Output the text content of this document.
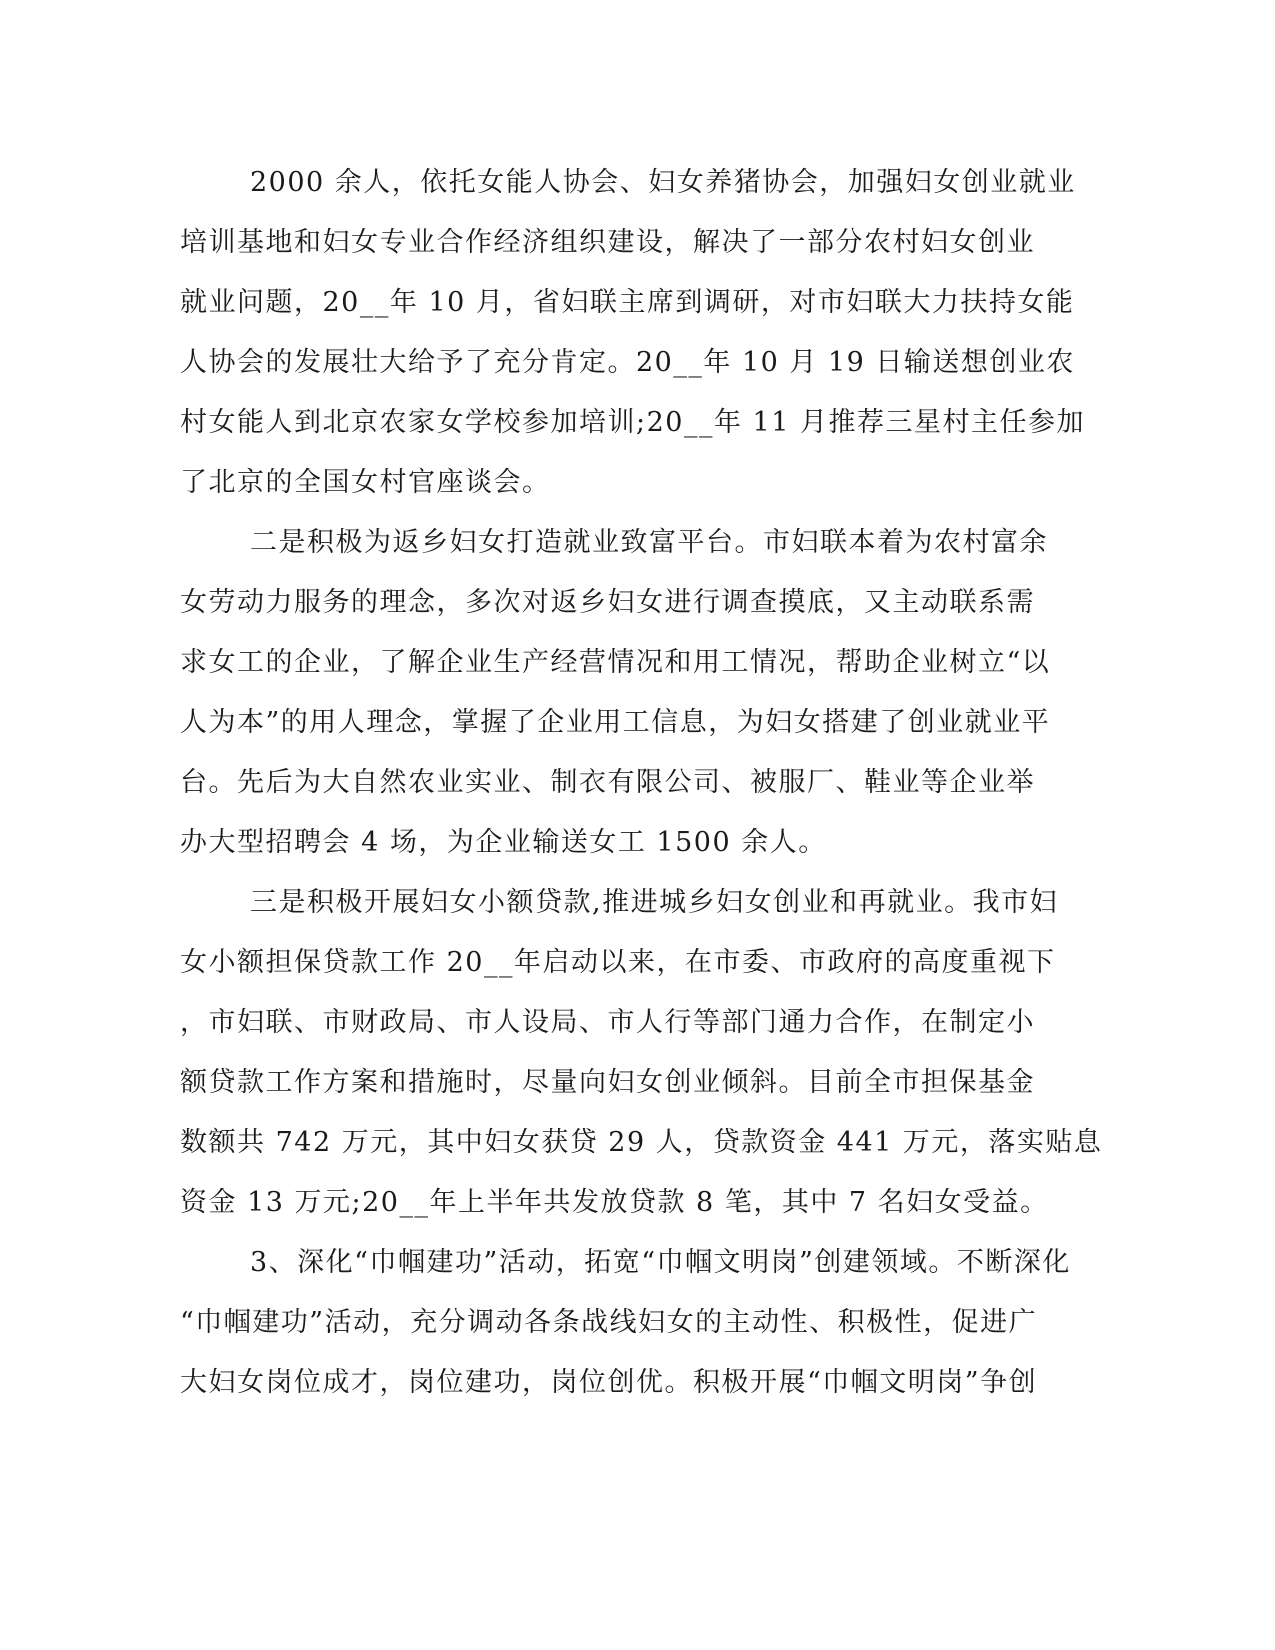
2000 余人，依托女能人协会、妇女养猪协会，加强妇女创业就业
培训基地和妇女专业合作经济组织建设，解决了一部分农村妇女创业
就业问题，20__年 10 月，省妇联主席到调研，对市妇联大力扶持女能
人协会的发展壮大给予了充分肯定。20__年 10 月 19 日输送想创业农
村女能人到北京农家女学校参加培训;20__年 11 月推荐三星村主任参加
了北京的全国女村官座谈会。
二是积极为返乡妇女打造就业致富平台。市妇联本着为农村富余
女劳动力服务的理念，多次对返乡妇女进行调查摸底，又主动联系需
求女工的企业，了解企业生产经营情况和用工情况，帮助企业树立“以
人为本”的用人理念，掌握了企业用工信息，为妇女搭建了创业就业平
台。先后为大自然农业实业、制衣有限公司、被服厂、鞋业等企业举
办大型招聘会 4 场，为企业输送女工 1500 余人。
三是积极开展妇女小额贷款,推进城乡妇女创业和再就业。我市妇
女小额担保贷款工作 20__年启动以来，在市委、市政府的高度重视下
，市妇联、市财政局、市人设局、市人行等部门通力合作，在制定小
额贷款工作方案和措施时，尽量向妇女创业倾斜。目前全市担保基金
数额共 742 万元，其中妇女获贷 29 人，贷款资金 441 万元，落实贴息
资金 13 万元;20__年上半年共发放贷款 8 笔，其中 7 名妇女受益。
3、深化“巾帼建功”活动，拓宽“巾帼文明岗”创建领域。不断深化
“巾帼建功”活动，充分调动各条战线妇女的主动性、积极性，促进广
大妇女岗位成才，岗位建功，岗位创优。积极开展“巾帼文明岗”争创
